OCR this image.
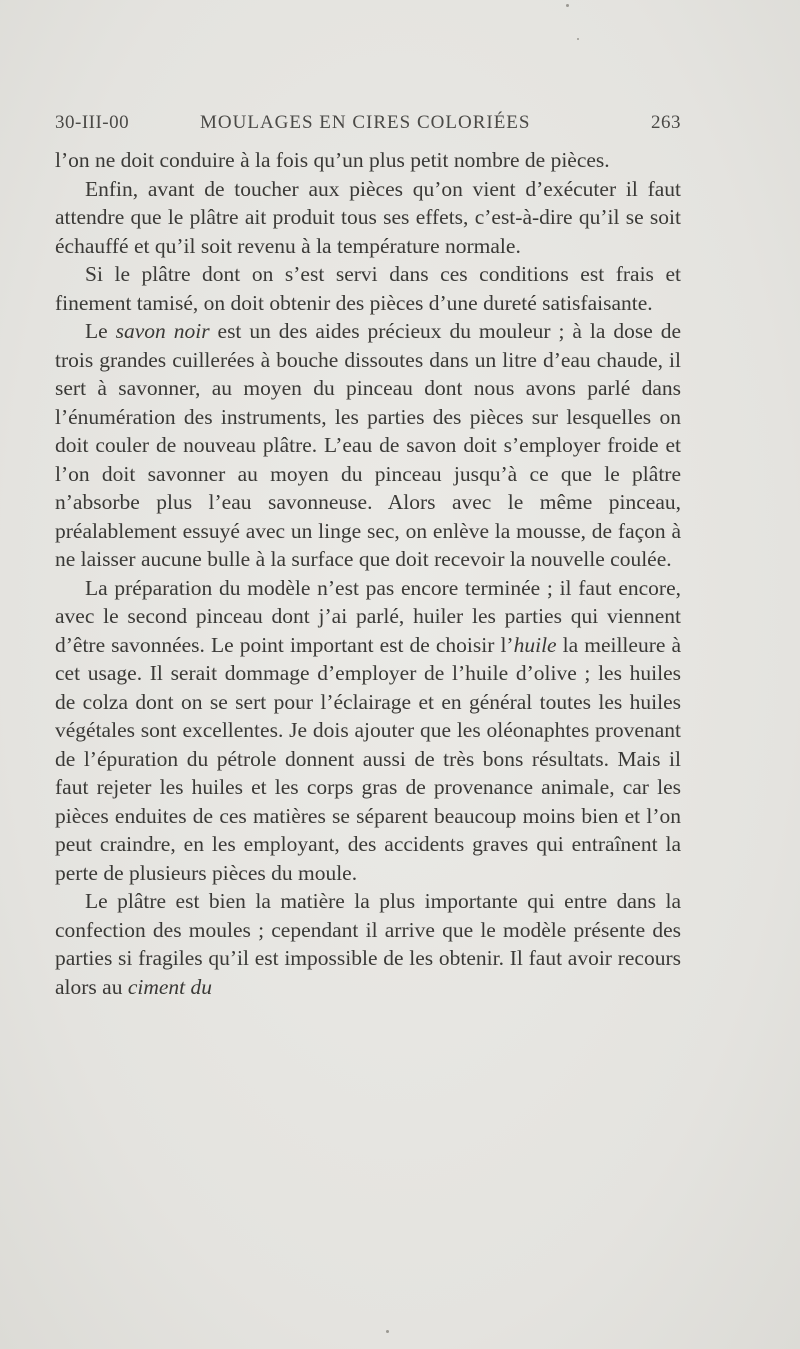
30-III-00	MOULAGES EN CIRES COLORIÉES	263

l’on ne doit conduire à la fois qu’un plus petit nombre de pièces.

Enfin, avant de toucher aux pièces qu’on vient d’exécuter il faut attendre que le plâtre ait produit tous ses effets, c’est-à-dire qu’il se soit échauffé et qu’il soit revenu à la température normale.

Si le plâtre dont on s’est servi dans ces conditions est frais et finement tamisé, on doit obtenir des pièces d’une dureté satisfaisante.

Le savon noir est un des aides précieux du mouleur ; à la dose de trois grandes cuillerées à bouche dissoutes dans un litre d’eau chaude, il sert à savonner, au moyen du pinceau dont nous avons parlé dans l’énumération des instruments, les parties des pièces sur lesquelles on doit couler de nouveau plâtre. L’eau de savon doit s’employer froide et l’on doit savonner au moyen du pinceau jusqu’à ce que le plâtre n’absorbe plus l’eau savonneuse. Alors avec le même pinceau, préalablement essuyé avec un linge sec, on enlève la mousse, de façon à ne laisser aucune bulle à la surface que doit recevoir la nouvelle coulée.

La préparation du modèle n’est pas encore terminée ; il faut encore, avec le second pinceau dont j’ai parlé, huiler les parties qui viennent d’être savonnées. Le point important est de choisir l’huile la meilleure à cet usage. Il serait dommage d’employer de l’huile d’olive ; les huiles de colza dont on se sert pour l’éclairage et en général toutes les huiles végétales sont excellentes. Je dois ajouter que les oléonaphtes provenant de l’épuration du pétrole donnent aussi de très bons résultats. Mais il faut rejeter les huiles et les corps gras de provenance animale, car les pièces enduites de ces matières se séparent beaucoup moins bien et l’on peut craindre, en les employant, des accidents graves qui entraînent la perte de plusieurs pièces du moule.

Le plâtre est bien la matière la plus importante qui entre dans la confection des moules ; cependant il arrive que le modèle présente des parties si fragiles qu’il est impossible de les obtenir. Il faut avoir recours alors au ciment du
